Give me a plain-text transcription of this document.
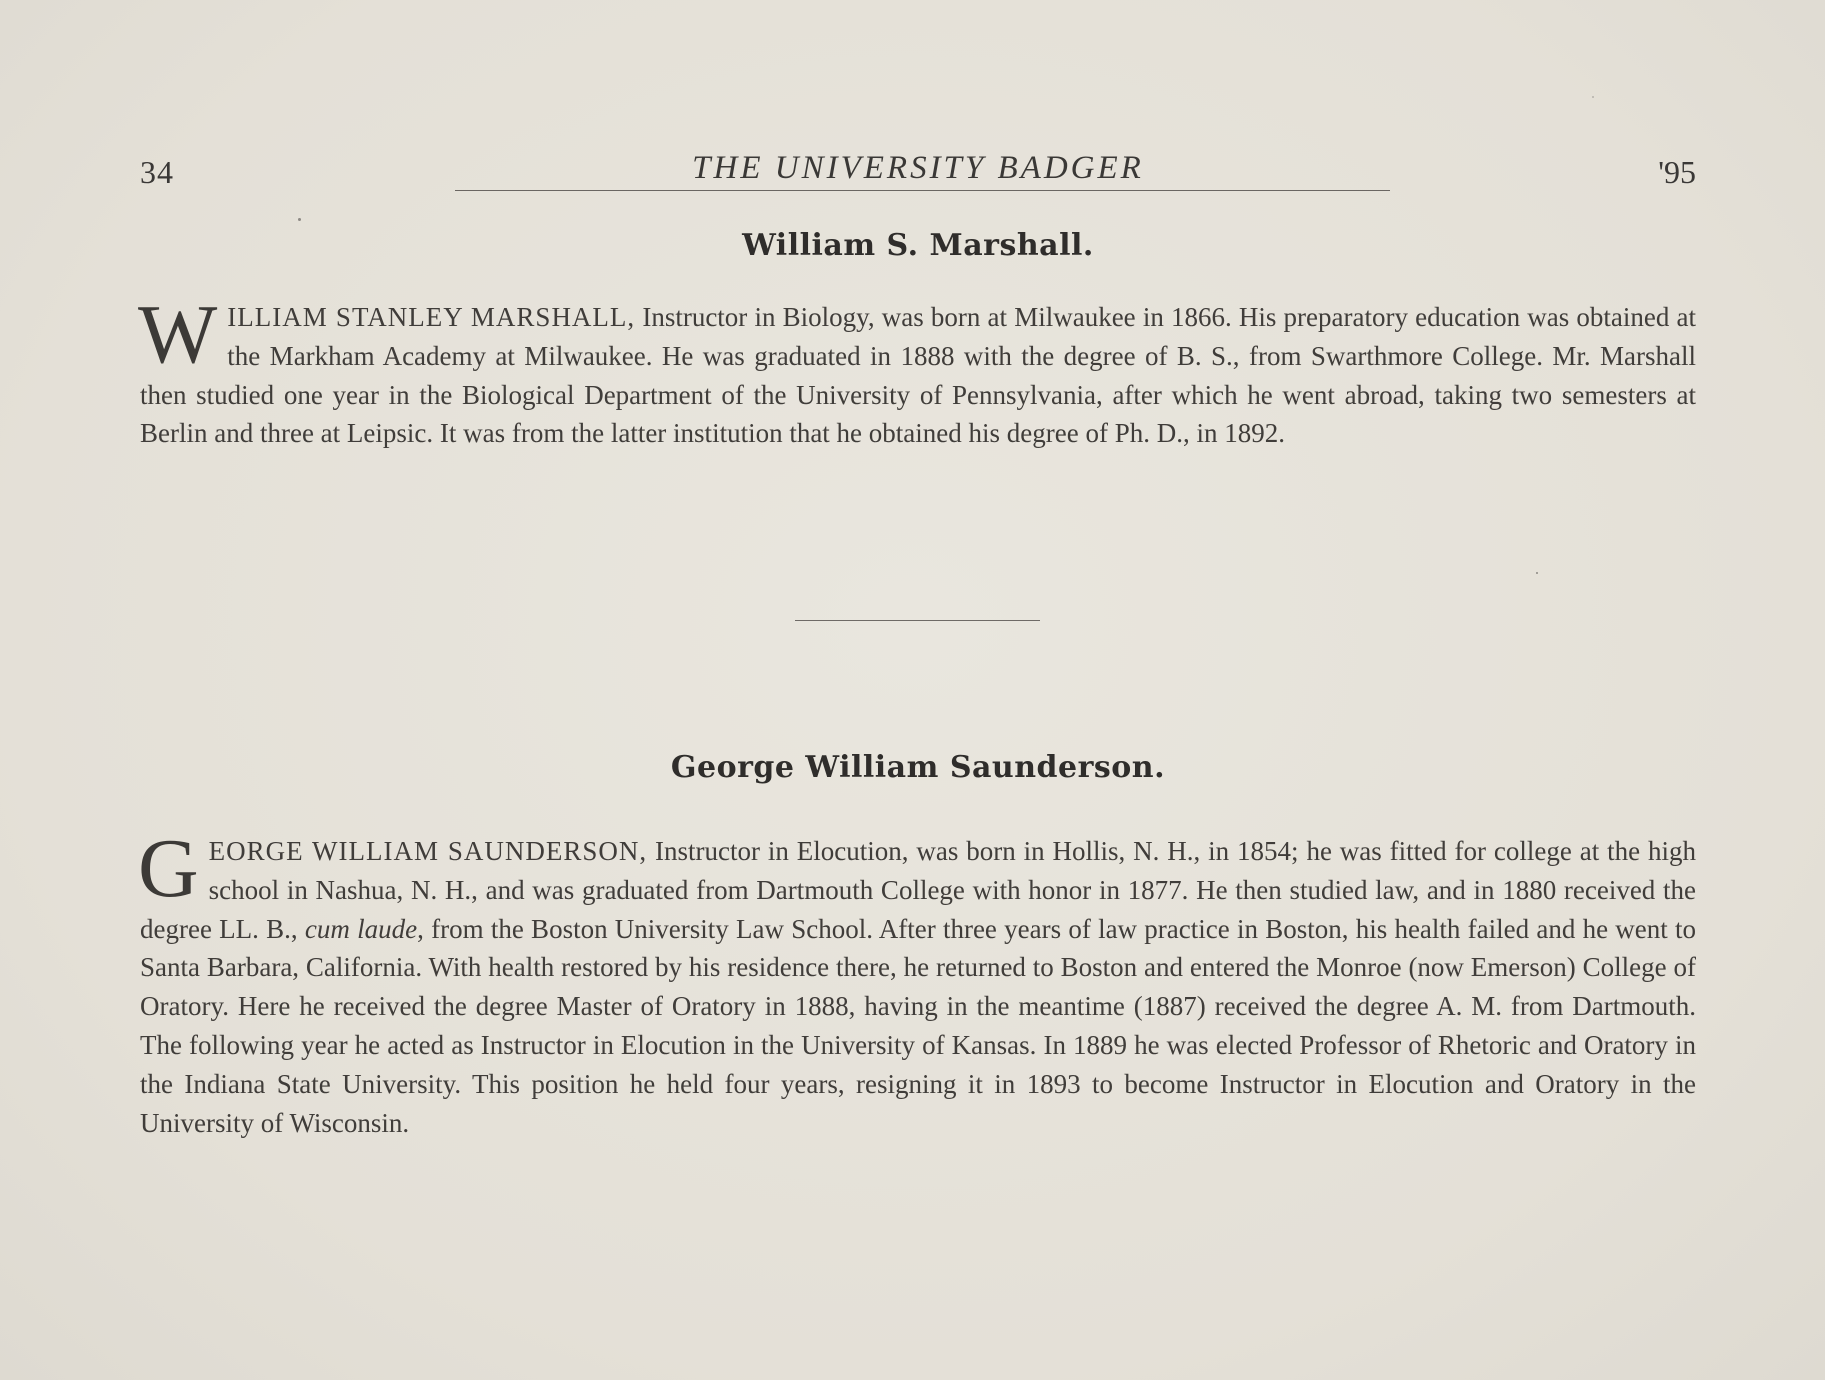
34	THE UNIVERSITY BADGER	'95
William S. Marshall.

WILLIAM STANLEY MARSHALL, Instructor in Biology, was born at Milwaukee in 1866. His preparatory education was obtained at the Markham Academy at Milwaukee. He was graduated in 1888 with the degree of B. S., from Swarthmore College. Mr. Marshall then studied one year in the Biological Department of the University of Pennsylvania, after which he went abroad, taking two semesters at Berlin and three at Leipsic. It was from the latter institution that he obtained his degree of Ph. D., in 1892.

George William Saunderson.

GEORGE WILLIAM SAUNDERSON, Instructor in Elocution, was born in Hollis, N. H., in 1854; he was fitted for college at the high school in Nashua, N. H., and was graduated from Dartmouth College with honor in 1877. He then studied law, and in 1880 received the degree LL. B., cum laude, from the Boston University Law School. After three years of law practice in Boston, his health failed and he went to Santa Barbara, California. With health restored by his residence there, he returned to Boston and entered the Monroe (now Emerson) College of Oratory. Here he received the degree Master of Oratory in 1888, having in the meantime (1887) received the degree A. M. from Dartmouth. The following year he acted as Instructor in Elocution in the University of Kansas. In 1889 he was elected Professor of Rhetoric and Oratory in the Indiana State University. This position he held four years, resigning it in 1893 to become Instructor in Elocution and Oratory in the University of Wisconsin.
